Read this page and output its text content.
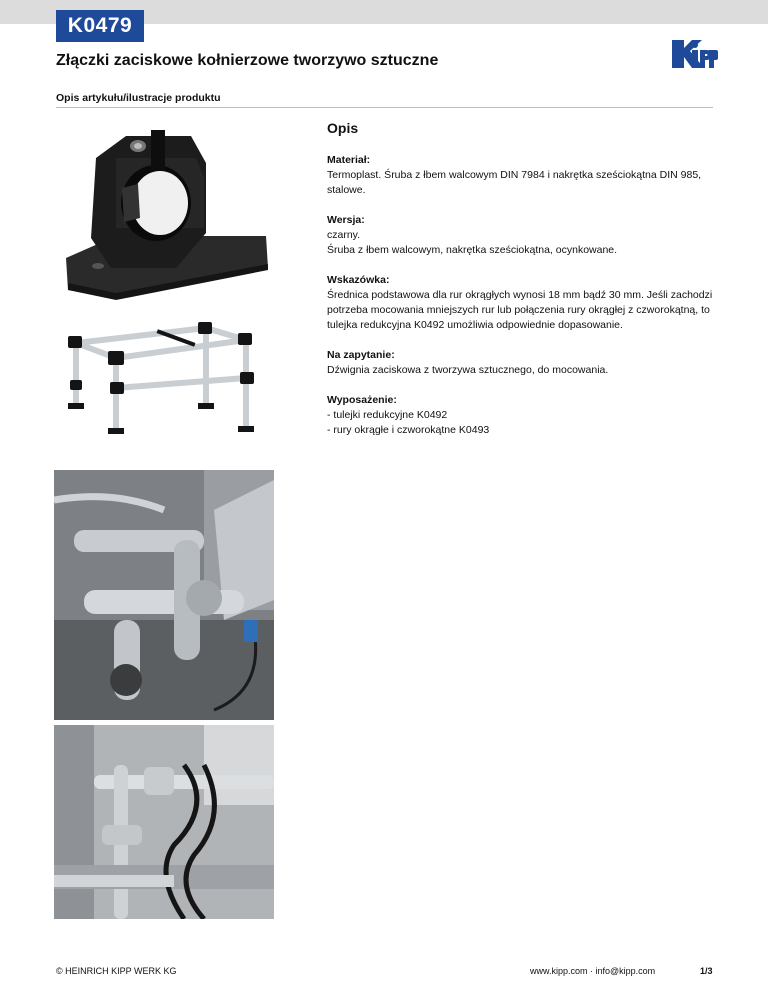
K0479
Złączki zaciskowe kołnierzowe tworzywo sztuczne
Opis artykułu/ilustracje produktu
Opis
Materiał:
Termoplast. Śruba z łbem walcowym DIN 7984 i nakrętka sześciokątna DIN 985, stalowe.
Wersja:
czarny.
Śruba z łbem walcowym, nakrętka sześciokątna, ocynkowane.
Wskazówka:
Średnica podstawowa dla rur okrągłych wynosi 18 mm bądź 30 mm. Jeśli zachodzi potrzeba mocowania mniejszych rur lub połączenia rury okrągłej z czworokątną, to tulejka redukcyjna K0492 umożliwia odpowiednie dopasowanie.
Na zapytanie:
Dźwignia zaciskowa z tworzywa sztucznego, do mocowania.
Wyposażenie:
- tulejki redukcyjne K0492
- rury okrągłe i czworokątne K0493
© HEINRICH KIPP WERK KG	www.kipp.com · info@kipp.com	1/3
